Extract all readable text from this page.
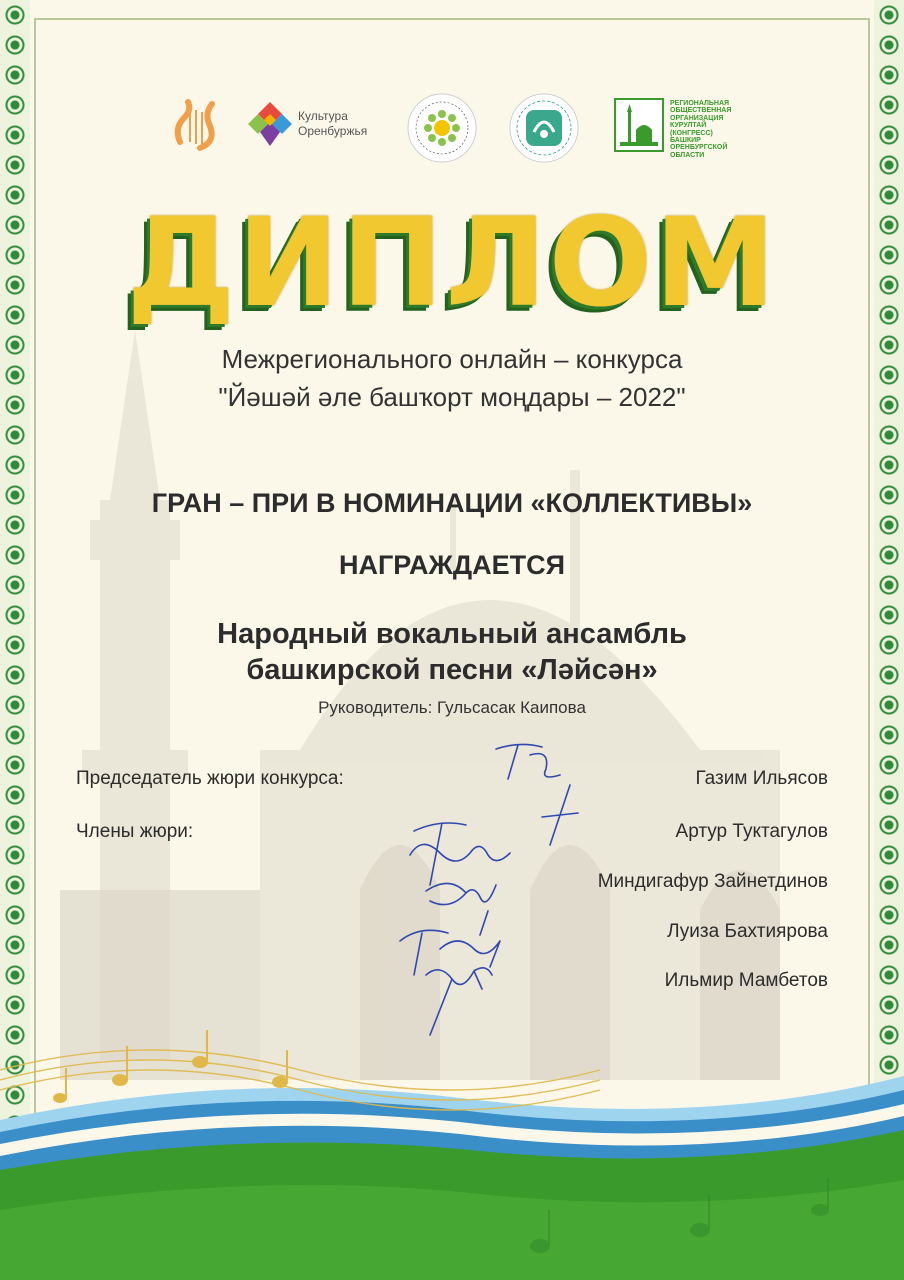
Культура
Оренбуржья
РЕГИОНАЛЬНАЯ
ОБЩЕСТВЕННАЯ
ОРГАНИЗАЦИЯ
КУРУЛТАЙ
(КОНГРЕСС)
БАШКИР
ОРЕНБУРГСКОЙ
ОБЛАСТИ
ДИПЛОМ
Межрегионального онлайн – конкурса
"Йәшәй әле башҡорт моңдары – 2022"
ГРАН – ПРИ В НОМИНАЦИИ «КОЛЛЕКТИВЫ»
НАГРАЖДАЕТСЯ
Народный вокальный ансамбль
башкирской песни «Ләйсән»
Руководитель: Гульсасак Каипова
Председатель жюри конкурса:	Газим Ильясов
Члены жюри:	Артур Туктагулов
Миндигафур Зайнетдинов
Луиза Бахтиярова
Ильмир Мамбетов
